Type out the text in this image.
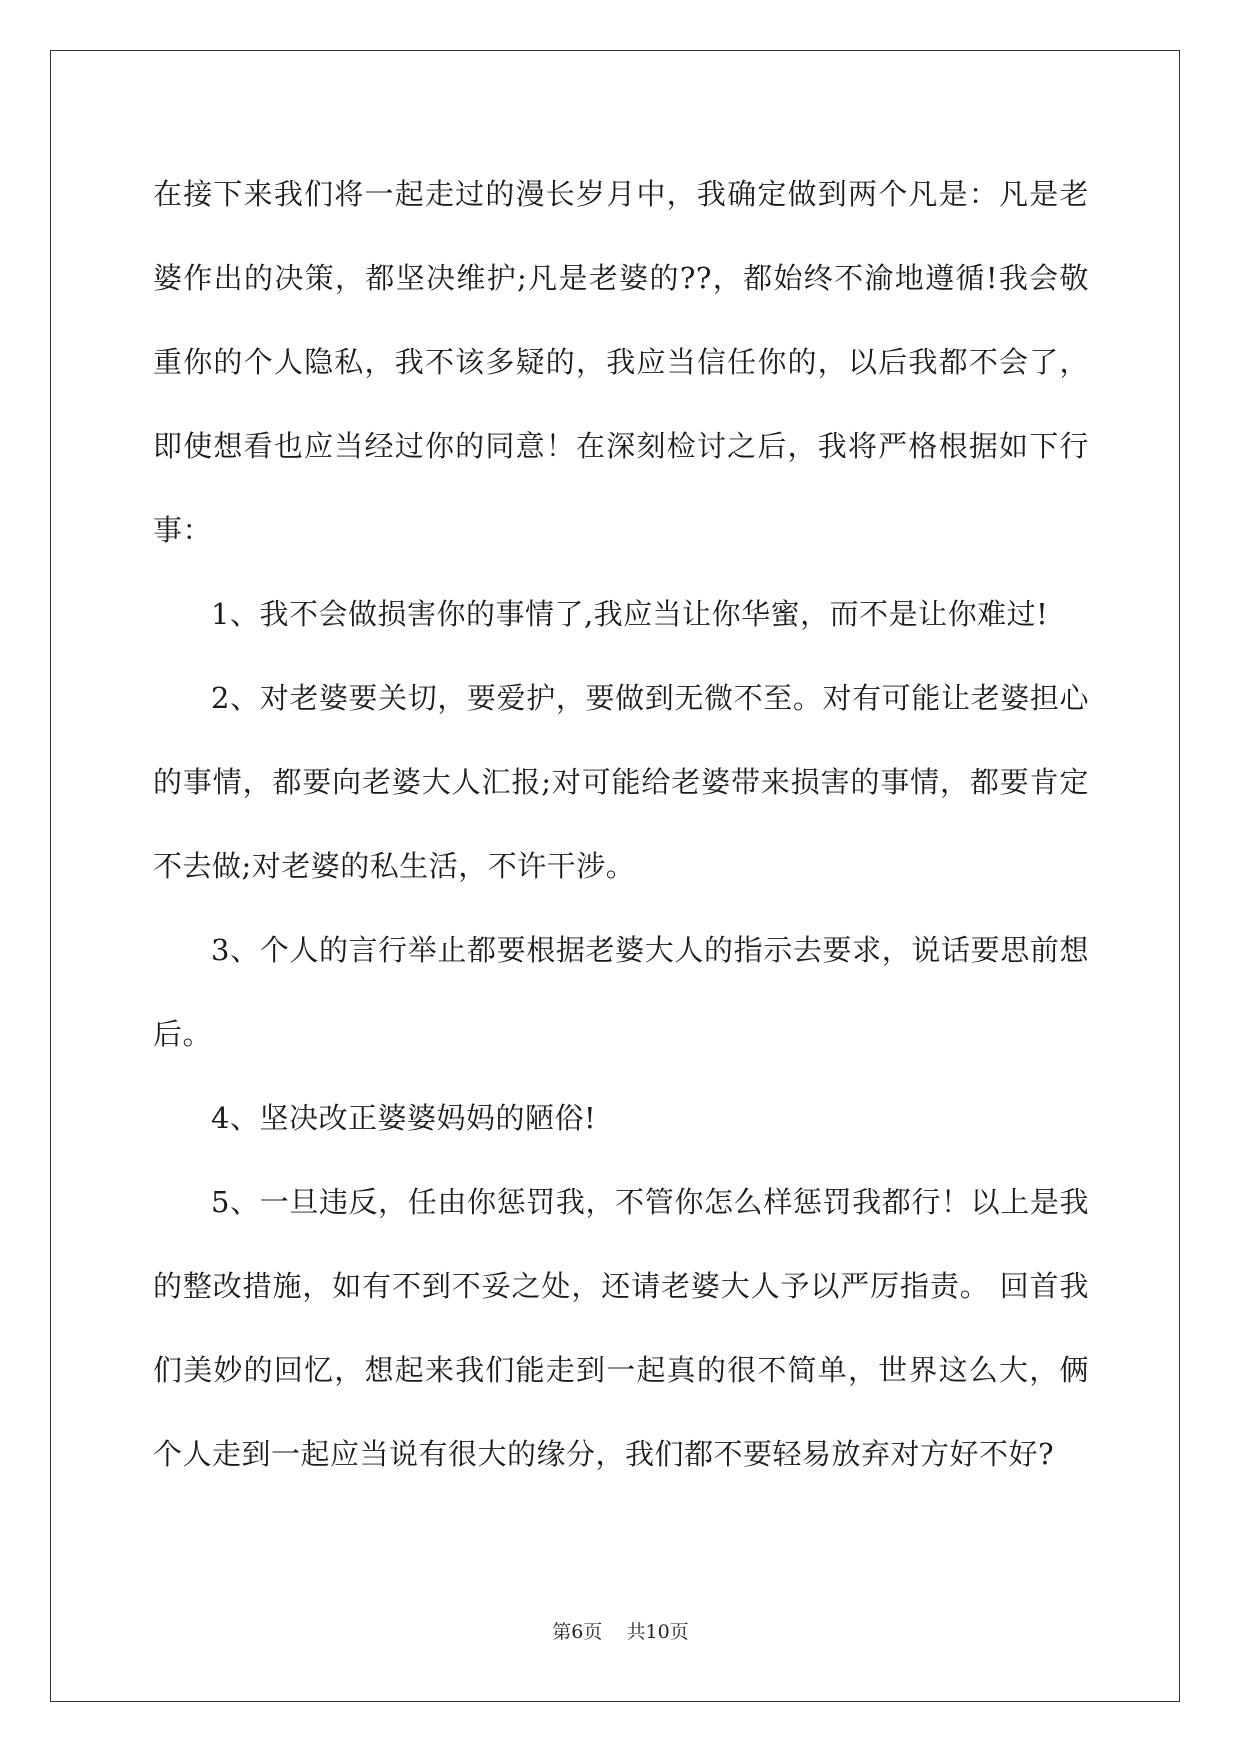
在接下来我们将一起走过的漫长岁月中，我确定做到两个凡是：凡是老婆作出的决策，都坚决维护;凡是老婆的??，都始终不渝地遵循!我会敬重你的个人隐私，我不该多疑的，我应当信任你的，以后我都不会了，即使想看也应当经过你的同意！在深刻检讨之后，我将严格根据如下行事：

1、我不会做损害你的事情了,我应当让你华蜜，而不是让你难过!

2、对老婆要关切，要爱护，要做到无微不至。对有可能让老婆担心的事情，都要向老婆大人汇报;对可能给老婆带来损害的事情，都要肯定不去做;对老婆的私生活，不许干涉。

3、个人的言行举止都要根据老婆大人的指示去要求，说话要思前想后。

4、坚决改正婆婆妈妈的陋俗!

5、一旦违反，任由你惩罚我，不管你怎么样惩罚我都行！以上是我的整改措施，如有不到不妥之处，还请老婆大人予以严厉指责。 回首我们美妙的回忆，想起来我们能走到一起真的很不简单，世界这么大，俩个人走到一起应当说有很大的缘分，我们都不要轻易放弃对方好不好?

第6页 共10页
